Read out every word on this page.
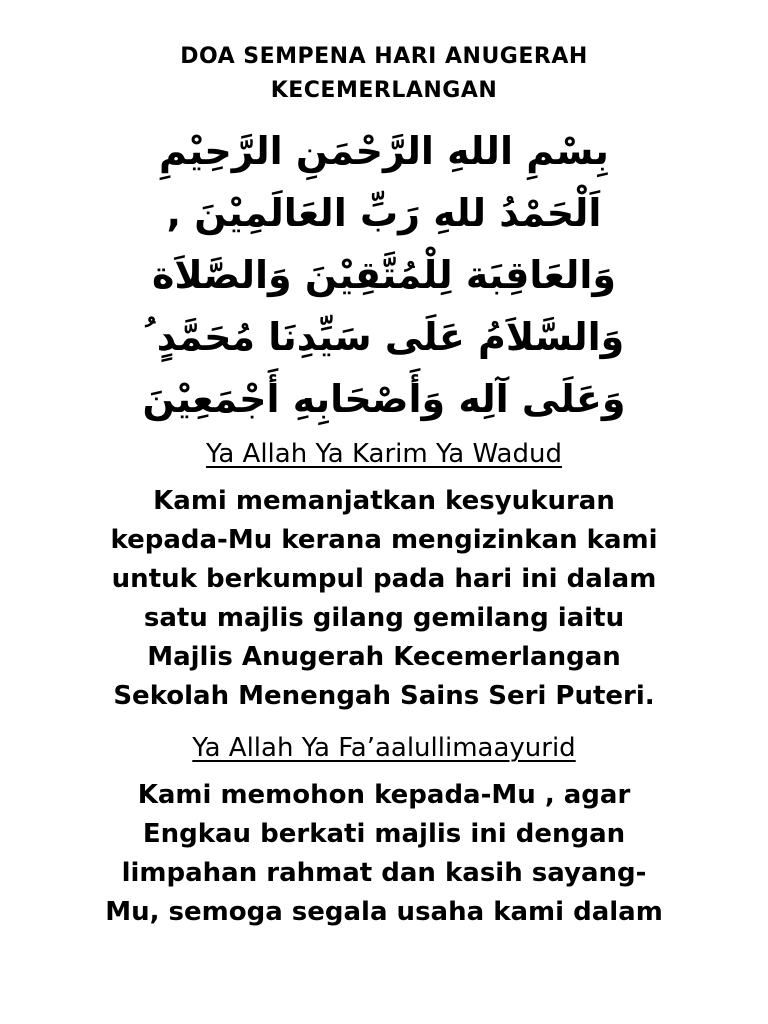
DOA SEMPENA HARI ANUGERAH
KECEMERLANGAN
بِسْمِ اللهِ الرَّحْمَنِ الرَّحِيْمِ
اَلْحَمْدُ للهِ رَبِّ العَالَمِيْنَ ,
وَالعَاقِبَة لِلْمُتَّقِيْنَ وَالصَّلاَة
وَالسَّلاَمُ عَلَى سَيِّدِنَا مُحَمَّدٍ ُ
وَعَلَى آلِه وَأَصْحَابِهِ أَجْمَعِيْنَ
Ya Allah Ya Karim Ya Wadud
Kami memanjatkan kesyukuran
kepada-Mu kerana mengizinkan kami
untuk berkumpul pada hari ini dalam
satu majlis gilang gemilang iaitu
Majlis Anugerah Kecemerlangan
Sekolah Menengah Sains Seri Puteri.
Ya Allah Ya Fa’aalullimaayurid
Kami memohon kepada-Mu , agar
Engkau berkati majlis ini dengan
limpahan rahmat dan kasih sayang-
Mu, semoga segala usaha kami dalam
